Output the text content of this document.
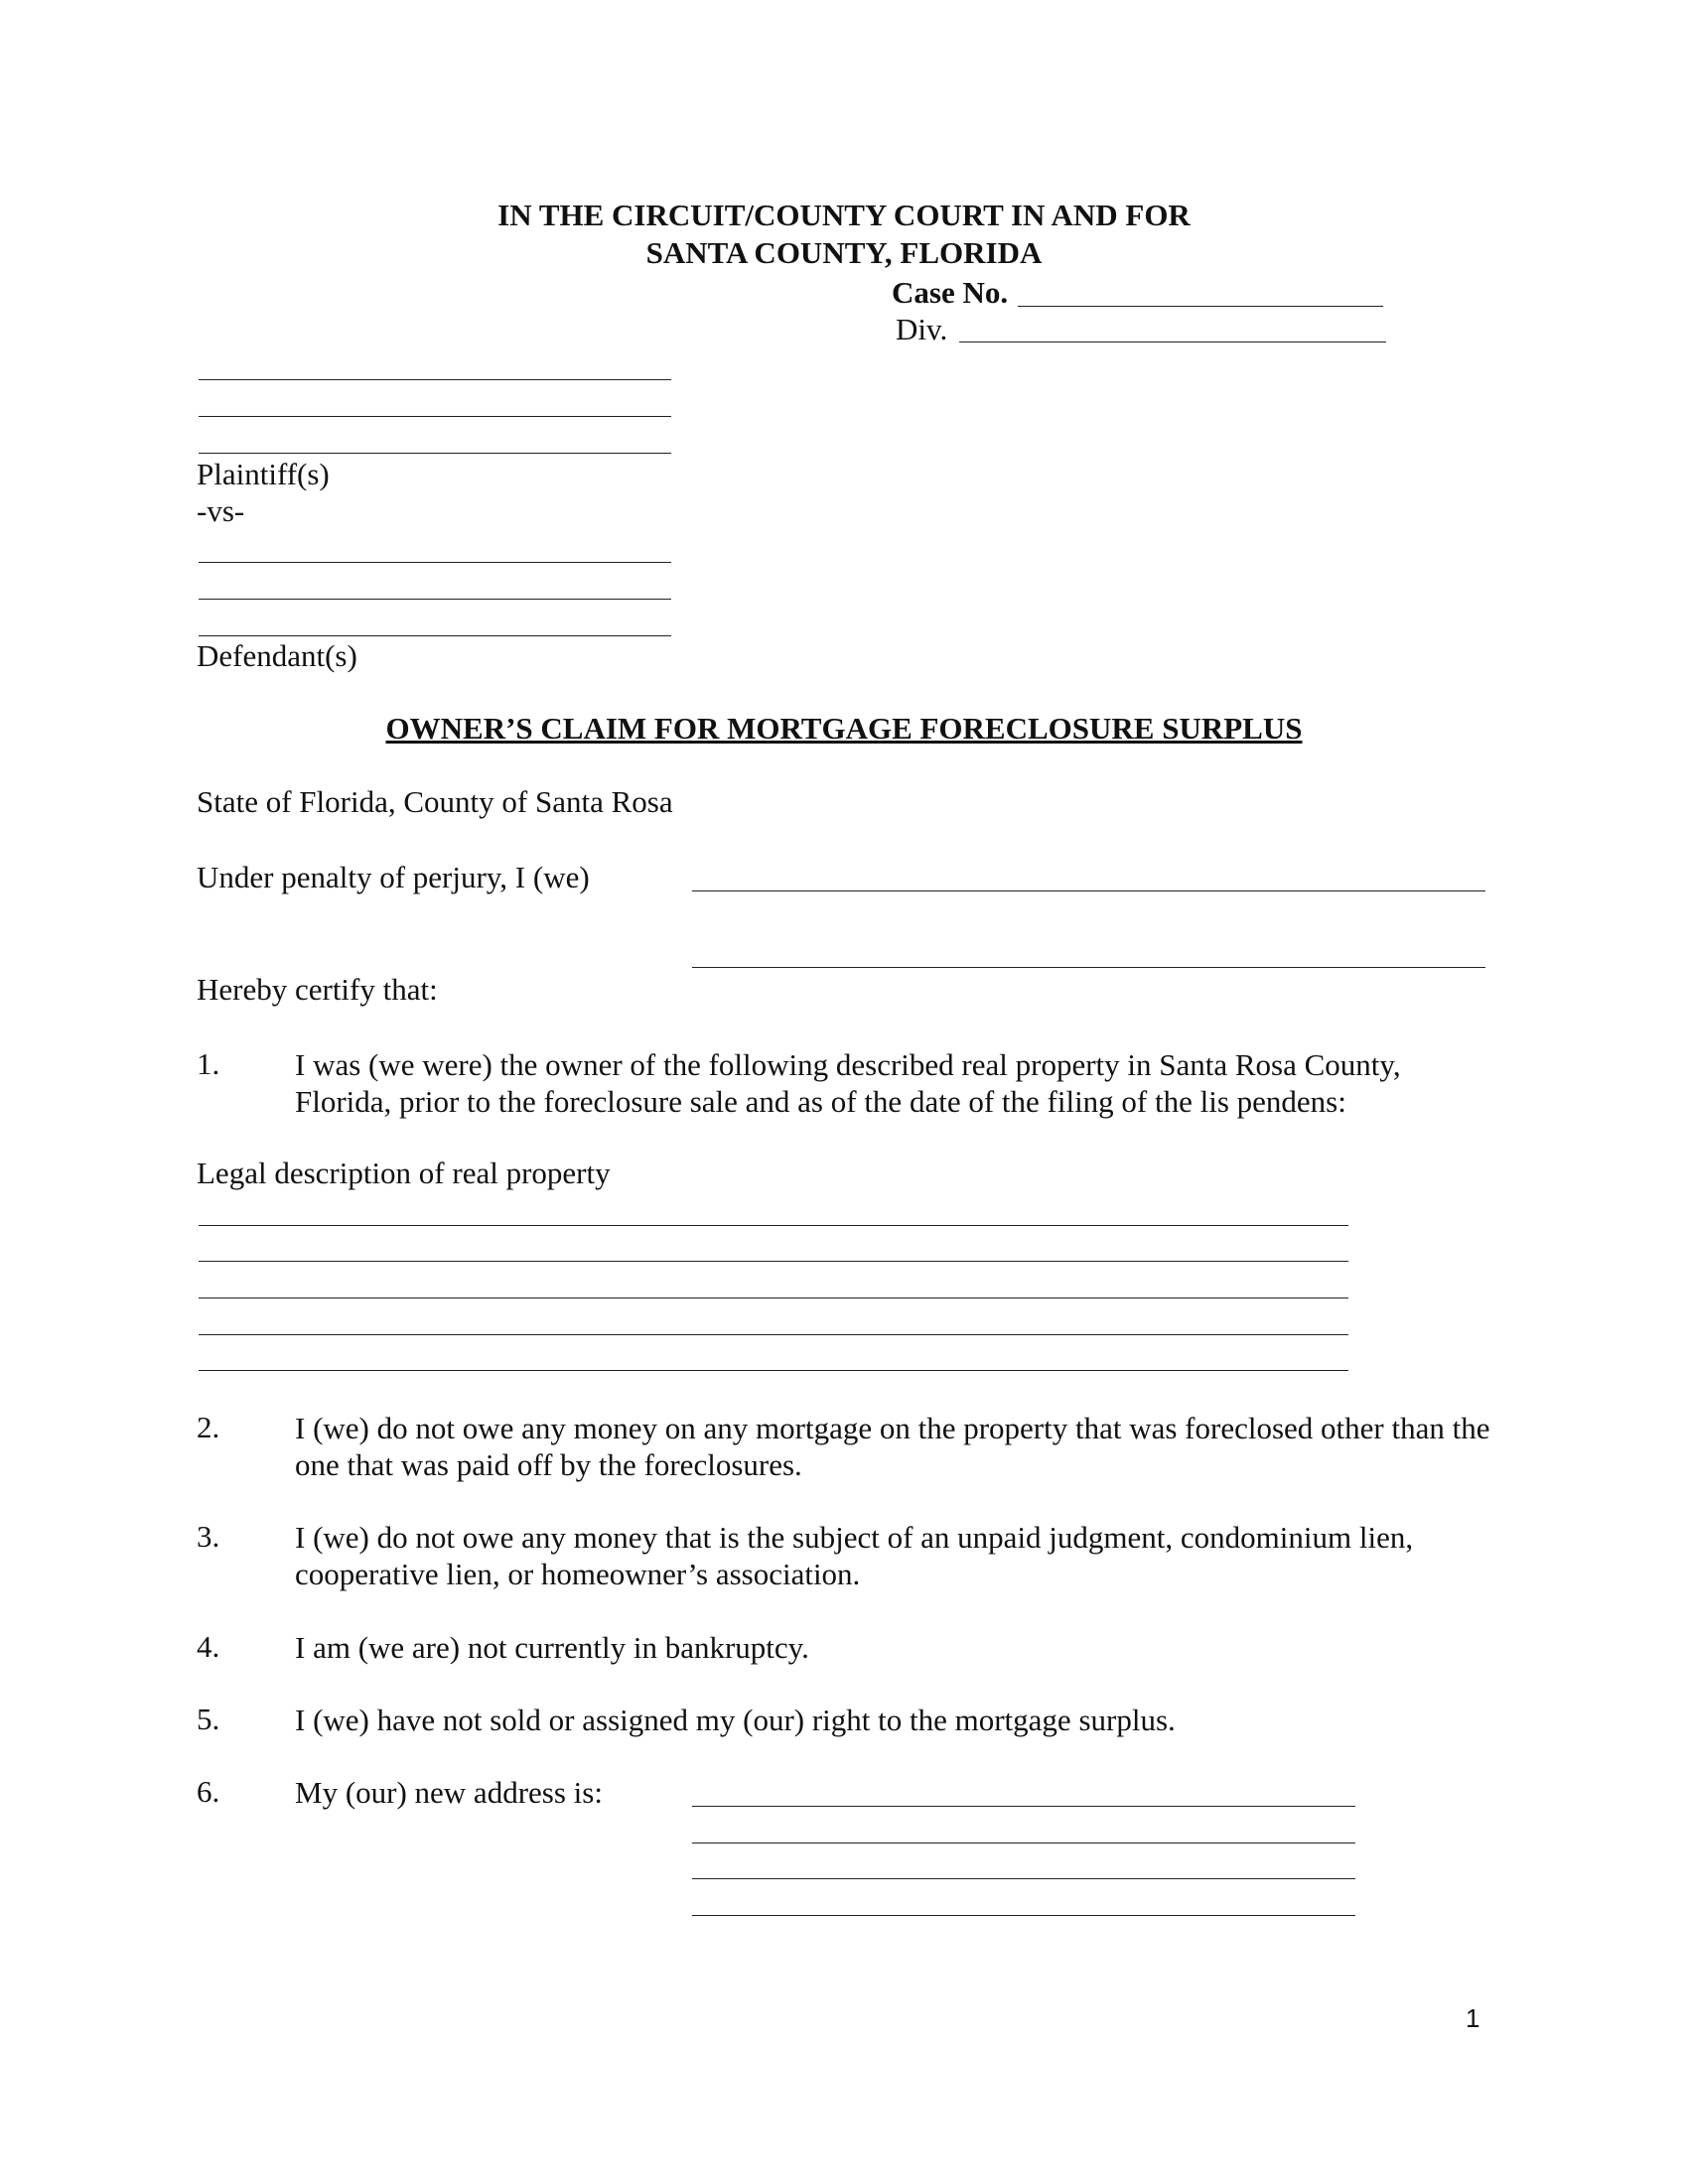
IN THE CIRCUIT/COUNTY COURT IN AND FOR
SANTA COUNTY, FLORIDA
Case No.
Div.
Plaintiff(s)
-vs-
Defendant(s)
OWNER’S CLAIM FOR MORTGAGE FORECLOSURE SURPLUS
State of Florida, County of Santa Rosa
Under penalty of perjury, I (we)
Hereby certify that:
1. I was (we were) the owner of the following described real property in Santa Rosa County, Florida, prior to the foreclosure sale and as of the date of the filing of the lis pendens:
Legal description of real property
2. I (we) do not owe any money on any mortgage on the property that was foreclosed other than the one that was paid off by the foreclosures.
3. I (we) do not owe any money that is the subject of an unpaid judgment, condominium lien, cooperative lien, or homeowner’s association.
4. I am (we are) not currently in bankruptcy.
5. I (we) have not sold or assigned my (our) right to the mortgage surplus.
6. My (our) new address is:
1
